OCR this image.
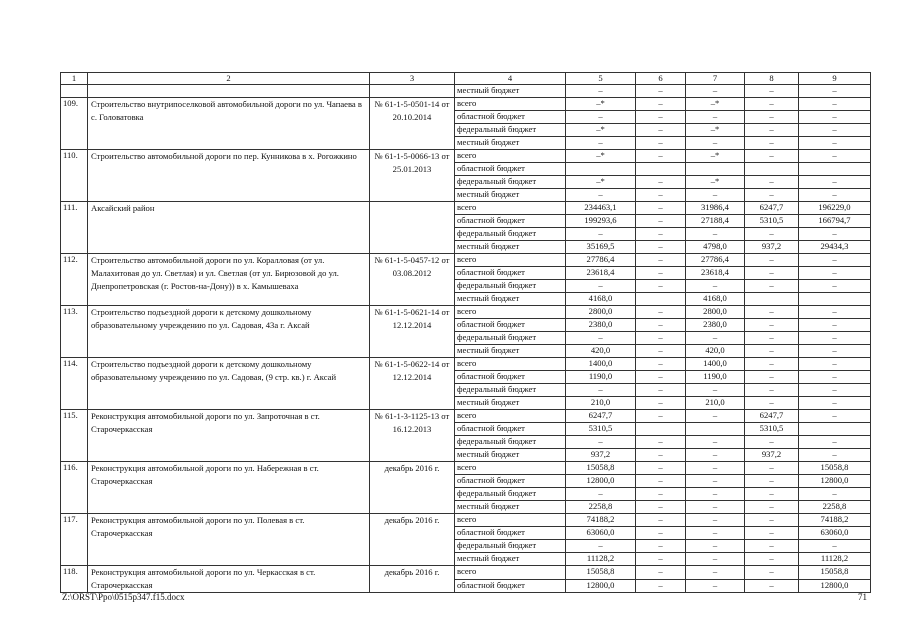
1	2	3	4	5	6	7	8	9
			местный бюджет	–	–	–	–	–
109.	Строительство внутрипоселковой автомобильной дороги по ул. Чапаева в с. Головатовка	№ 61-1-5-0501-14 от 20.10.2014	всего	–*	–	–*	–	–
			областной бюджет	–	–	–	–	–
			федеральный бюджет	–*	–	–*	–	–
			местный бюджет	–	–	–	–	–
110.	Строительство автомобильной дороги по пер. Кунникова в х. Рогожкино	№ 61-1-5-0066-13 от 25.01.2013	всего	–*	–	–*	–	–
			областной бюджет					
			федеральный бюджет	–*	–	–*	–	–
			местный бюджет	–	–	–	–	–
111.	Аксайский район		всего	234463,1	–	31986,4	6247,7	196229,0
			областной бюджет	199293,6	–	27188,4	5310,5	166794,7
			федеральный бюджет	–	–	–	–	–
			местный бюджет	35169,5	–	4798,0	937,2	29434,3
112.	Строительство автомобильной дороги по ул. Коралловая (от ул. Малахитовая до ул. Светлая) и ул. Светлая (от ул. Бирюзовой до ул. Днепропетровская (г. Ростов-на-Дону)) в х. Камышеваха	№ 61-1-5-0457-12 от 03.08.2012	всего	27786,4	–	27786,4	–	–
			областной бюджет	23618,4	–	23618,4	–	–
			федеральный бюджет	–	–	–	–	–
			местный бюджет	4168,0		4168,0		
113.	Строительство подъездной дороги к детскому дошкольному образовательному учреждению по ул. Садовая, 43а г. Аксай	№ 61-1-5-0621-14 от 12.12.2014	всего	2800,0	–	2800,0	–	–
			областной бюджет	2380,0	–	2380,0	–	–
			федеральный бюджет	–	–	–	–	–
			местный бюджет	420,0	–	420,0	–	–
114.	Строительство подъездной дороги к детскому дошкольному образовательному учреждению по ул. Садовая, (9 стр. кв.) г. Аксай	№ 61-1-5-0622-14 от 12.12.2014	всего	1400,0	–	1400,0	–	–
			областной бюджет	1190,0	–	1190,0	–	–
			федеральный бюджет	–	–	–	–	–
			местный бюджет	210,0	–	210,0	–	–
115.	Реконструкция автомобильной дороги по ул. Запроточная в ст. Старочеркасская	№ 61-1-3-1125-13 от 16.12.2013	всего	6247,7	–	–	6247,7	–
			областной бюджет	5310,5			5310,5	
			федеральный бюджет	–	–	–	–	–
			местный бюджет	937,2	–	–	937,2	–
116.	Реконструкция автомобильной дороги по ул. Набережная в ст. Старочеркасская	декабрь 2016 г.	всего	15058,8	–	–	–	15058,8
			областной бюджет	12800,0	–	–	–	12800,0
			федеральный бюджет	–	–	–	–	–
			местный бюджет	2258,8	–	–	–	2258,8
117.	Реконструкция автомобильной дороги по ул. Полевая в ст. Старочеркасская	декабрь 2016 г.	всего	74188,2	–	–	–	74188,2
			областной бюджет	63060,0	–	–	–	63060,0
			федеральный бюджет	–	–	–	–	–
			местный бюджет	11128,2	–	–	–	11128,2
118.	Реконструкция автомобильной дороги по ул. Черкасская в ст. Старочеркасская	декабрь 2016 г.	всего	15058,8	–	–	–	15058,8
			областной бюджет	12800,0	–	–	–	12800,0
Z:\ORST\Ppo\0515p347.f15.docx	71
